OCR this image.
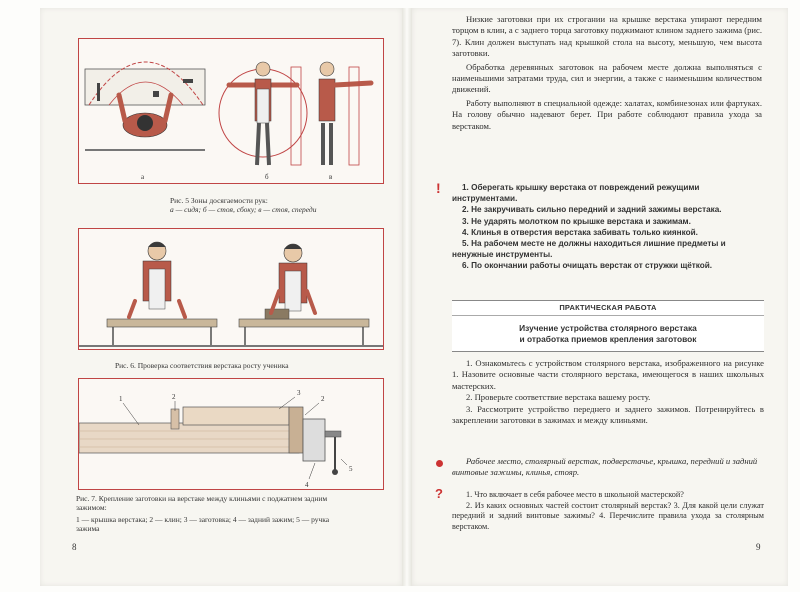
а	б	в
Рис. 5 Зоны досягаемости рук:
а — сидя; б — стоя, сбоку; в — стоя, спереди
Рис. 6. Проверка соответствия верстака росту ученика
1	2	3
2
4
5
Рис. 7. Крепление заготовки на верстаке между клиньями с поджатием задним
зажимом:
1 — крышка верстака; 2 — клин; 3 — заготовка; 4 — задний зажим; 5 — ручка
зажима
8

Низкие заготовки при их строгании на крышке верстака упирают передним торцом в клин, а с заднего торца заготовку поджимают клином заднего зажима (рис. 7). Клин должен выступать над крышкой стола на высоту, меньшую, чем высота заготовки.

Обработка деревянных заготовок на рабочем месте должна выполняться с наименьшими затратами труда, сил и энергии, а также с наименьшим количеством движений.

Работу выполняют в специальной одежде: халатах, комбинезонах или фартуках. На голову обычно надевают берет. При работе соблюдают правила ухода за верстаком.

!	1. Оберегать крышку верстака от повреждений режущими инструментами.
2. Не закручивать сильно передний и задний зажимы верстака.
3. Не ударять молотком по крышке верстака и зажимам.
4. Клинья в отверстия верстака забивать только киянкой.
5. На рабочем месте не должны находиться лишние предметы и ненужные инструменты.
6. По окончании работы очищать верстак от стружки щёткой.
ПРАКТИЧЕСКАЯ РАБОТА
Изучение устройства столярного верстака
и отработка приемов крепления заготовок

1. Ознакомьтесь с устройством столярного верстака, изображенного на рисунке 1. Назовите основные части столярного верстака, имеющегося в наших школьных мастерских.

2. Проверьте соответствие верстака вашему росту.

3. Рассмотрите устройство переднего и заднего зажимов. Потренируйтесь в закреплении заготовки в зажимах и между клиньями.

Рабочее место, столярный верстак, подверстачье, крышка, передний и задний винтовые зажимы, клинья, стояр.
?	1. Что включает в себя рабочее место в школьной мастерской?

2. Из каких основных частей состоит столярный верстак? 3. Для какой цели служат передний и задний винтовые зажимы? 4. Перечислите правила ухода за столярным верстаком.

9
